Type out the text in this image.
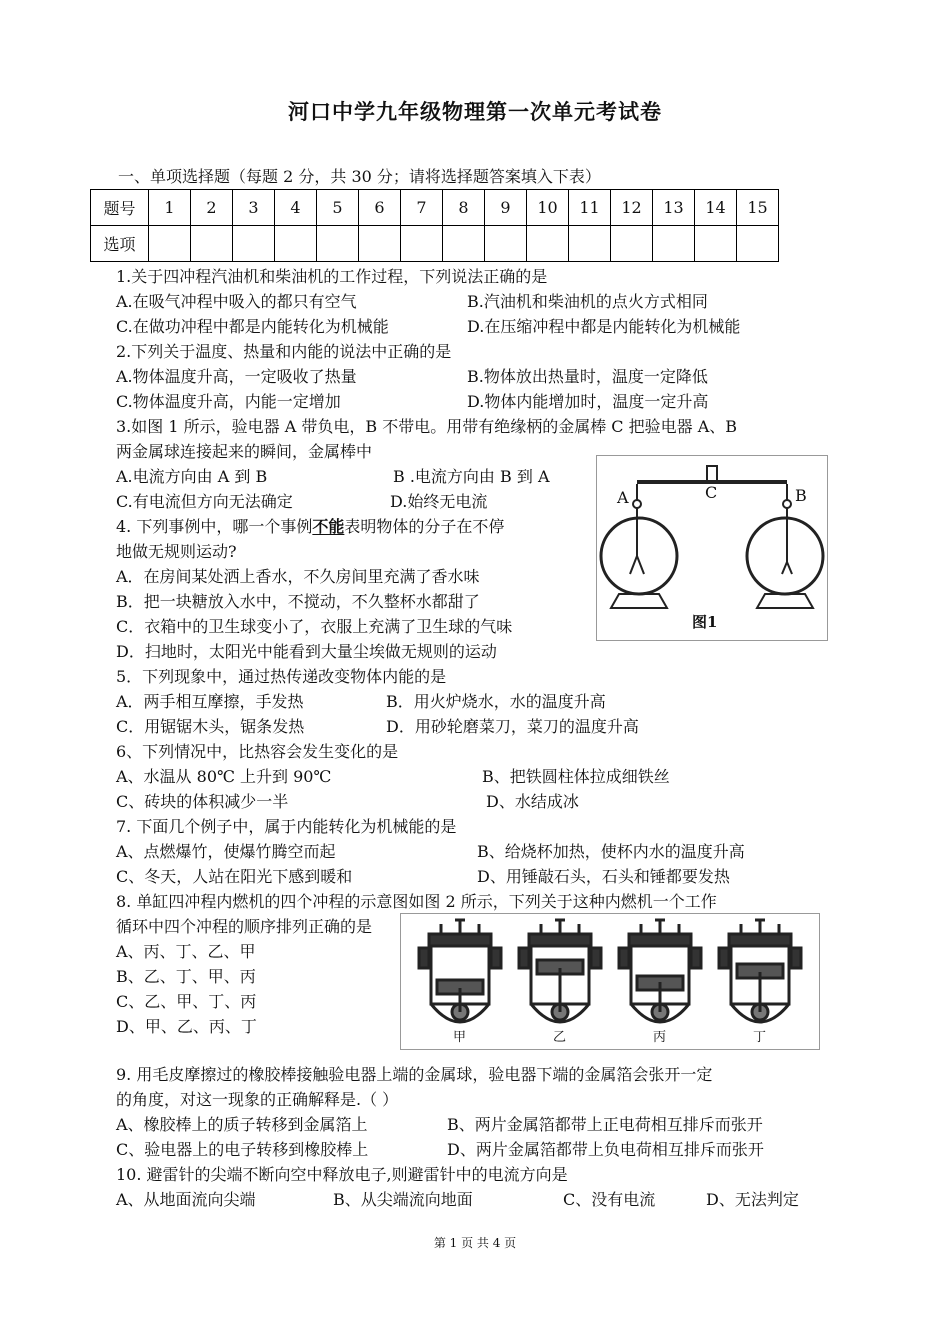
河口中学九年级物理第一次单元考试卷
一、单项选择题（每题 2 分，共 30 分；请将选择题答案填入下表）
题号	1	2	3	4	5	6	7	8	9	10	11	12	13	14	15
选项															
1.关于四冲程汽油机和柴油机的工作过程，下列说法正确的是
A.在吸气冲程中吸入的都只有空气	B.汽油机和柴油机的点火方式相同
C.在做功冲程中都是内能转化为机械能	D.在压缩冲程中都是内能转化为机械能
2.下列关于温度、热量和内能的说法中正确的是
A.物体温度升高，一定吸收了热量	B.物体放出热量时，温度一定降低
C.物体温度升高，内能一定增加	D.物体内能增加时，温度一定升高
3.如图 1 所示，验电器 A 带负电，B 不带电。用带有绝缘柄的金属棒 C 把验电器 A、B
两金属球连接起来的瞬间，金属棒中
A.电流方向由 A 到 B	B .电流方向由 B 到 A
C.有电流但方向无法确定	D.始终无电流	A	B
C
图1
4. 下列事例中，哪一个事例不能表明物体的分子在不停
地做无规则运动?
A．在房间某处洒上香水，不久房间里充满了香水味
B．把一块糖放入水中，不搅动，不久整杯水都甜了
C．衣箱中的卫生球变小了，衣服上充满了卫生球的气味
D．扫地时，太阳光中能看到大量尘埃做无规则的运动
5．下列现象中，通过热传递改变物体内能的是
A．两手相互摩擦，手发热	B．用火炉烧水，水的温度升高
C．用锯锯木头，锯条发热	D．用砂轮磨菜刀，菜刀的温度升高
6、下列情况中，比热容会发生变化的是
A、水温从 80℃ 上升到 90℃	B、把铁圆柱体拉成细铁丝
C、砖块的体积减少一半	D、水结成冰
7. 下面几个例子中，属于内能转化为机械能的是
A、点燃爆竹，使爆竹腾空而起	B、给烧杯加热，使杯内水的温度升高
C、冬天，人站在阳光下感到暖和	D、用锤敲石头，石头和锤都要发热
8. 单缸四冲程内燃机的四个冲程的示意图如图 2 所示，下列关于这种内燃机一个工作
循环中四个冲程的顺序排列正确的是
A、丙、丁、乙、甲
B、乙、丁、甲、丙
C、乙、甲、丁、丙
D、甲、乙、丙、丁
甲	乙	丙	丁
9. 用毛皮摩擦过的橡胶棒接触验电器上端的金属球，验电器下端的金属箔会张开一定
的角度，对这一现象的正确解释是.（ ）
A、橡胶棒上的质子转移到金属箔上	B、两片金属箔都带上正电荷相互排斥而张开
C、验电器上的电子转移到橡胶棒上	D、两片金属箔都带上负电荷相互排斥而张开
10. 避雷针的尖端不断向空中释放电子,则避雷针中的电流方向是
A、从地面流向尖端	B、从尖端流向地面	C、没有电流	D、无法判定
第 1 页 共 4 页
